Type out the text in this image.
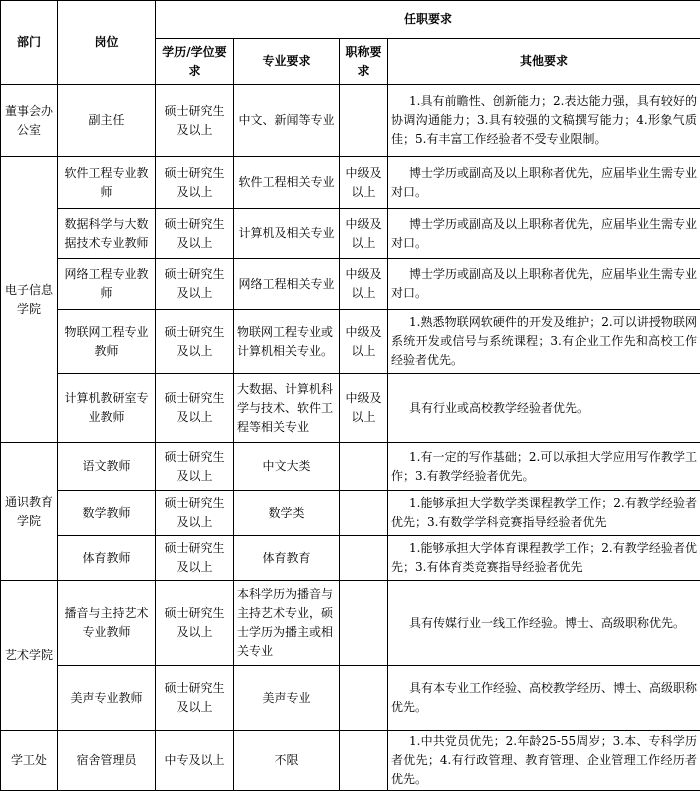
部门	岗位	任职要求			
		学历/学位要求	专业要求	职称要求	其他要求
董事会办公室	副主任	硕士研究生及以上	中文、新闻等专业		1.具有前瞻性、创新能力；2.表达能力强，具有较好的协调沟通能力；3.具有较强的文稿撰写能力；4.形象气质佳；5.有丰富工作经验者不受专业限制。
电子信息学院	软件工程专业教师	硕士研究生及以上	软件工程相关专业	中级及以上	博士学历或副高及以上职称者优先，应届毕业生需专业对口。
	数据科学与大数据技术专业教师	硕士研究生及以上	计算机及相关专业	中级及以上	博士学历或副高及以上职称者优先，应届毕业生需专业对口。
	网络工程专业教师	硕士研究生及以上	网络工程相关专业	中级及以上	博士学历或副高及以上职称者优先，应届毕业生需专业对口。
	物联网工程专业教师	硕士研究生及以上	物联网工程专业或计算机相关专业。	中级及以上	1.熟悉物联网软硬件的开发及维护；2.可以讲授物联网系统开发或信号与系统课程；3.有企业工作先和高校工作经验者优先。
	计算机教研室专业教师	硕士研究生及以上	大数据、计算机科学与技术、软件工程等相关专业	中级及以上	具有行业或高校教学经验者优先。
通识教育学院	语文教师	硕士研究生及以上	中文大类		1.有一定的写作基础；2.可以承担大学应用写作教学工作；3.有教学经验者优先。
	数学教师	硕士研究生及以上	数学类		1.能够承担大学数学类课程教学工作；2.有教学经验者优先；3.有数学学科竞赛指导经验者优先
	体育教师	硕士研究生及以上	体育教育		1.能够承担大学体育课程教学工作；2.有教学经验者优先；3.有体育类竞赛指导经验者优先
艺术学院	播音与主持艺术专业教师	硕士研究生及以上	本科学历为播音与主持艺术专业，硕士学历为播主或相关专业		具有传媒行业一线工作经验。博士、高级职称优先。
	美声专业教师	硕士研究生及以上	美声专业		具有本专业工作经验、高校教学经历、博士、高级职称优先。
学工处	宿舍管理员	中专及以上	不限		1.中共党员优先；2.年龄25-55周岁；3.本、专科学历者优先；4.有行政管理、教育管理、企业管理工作经历者优先。
